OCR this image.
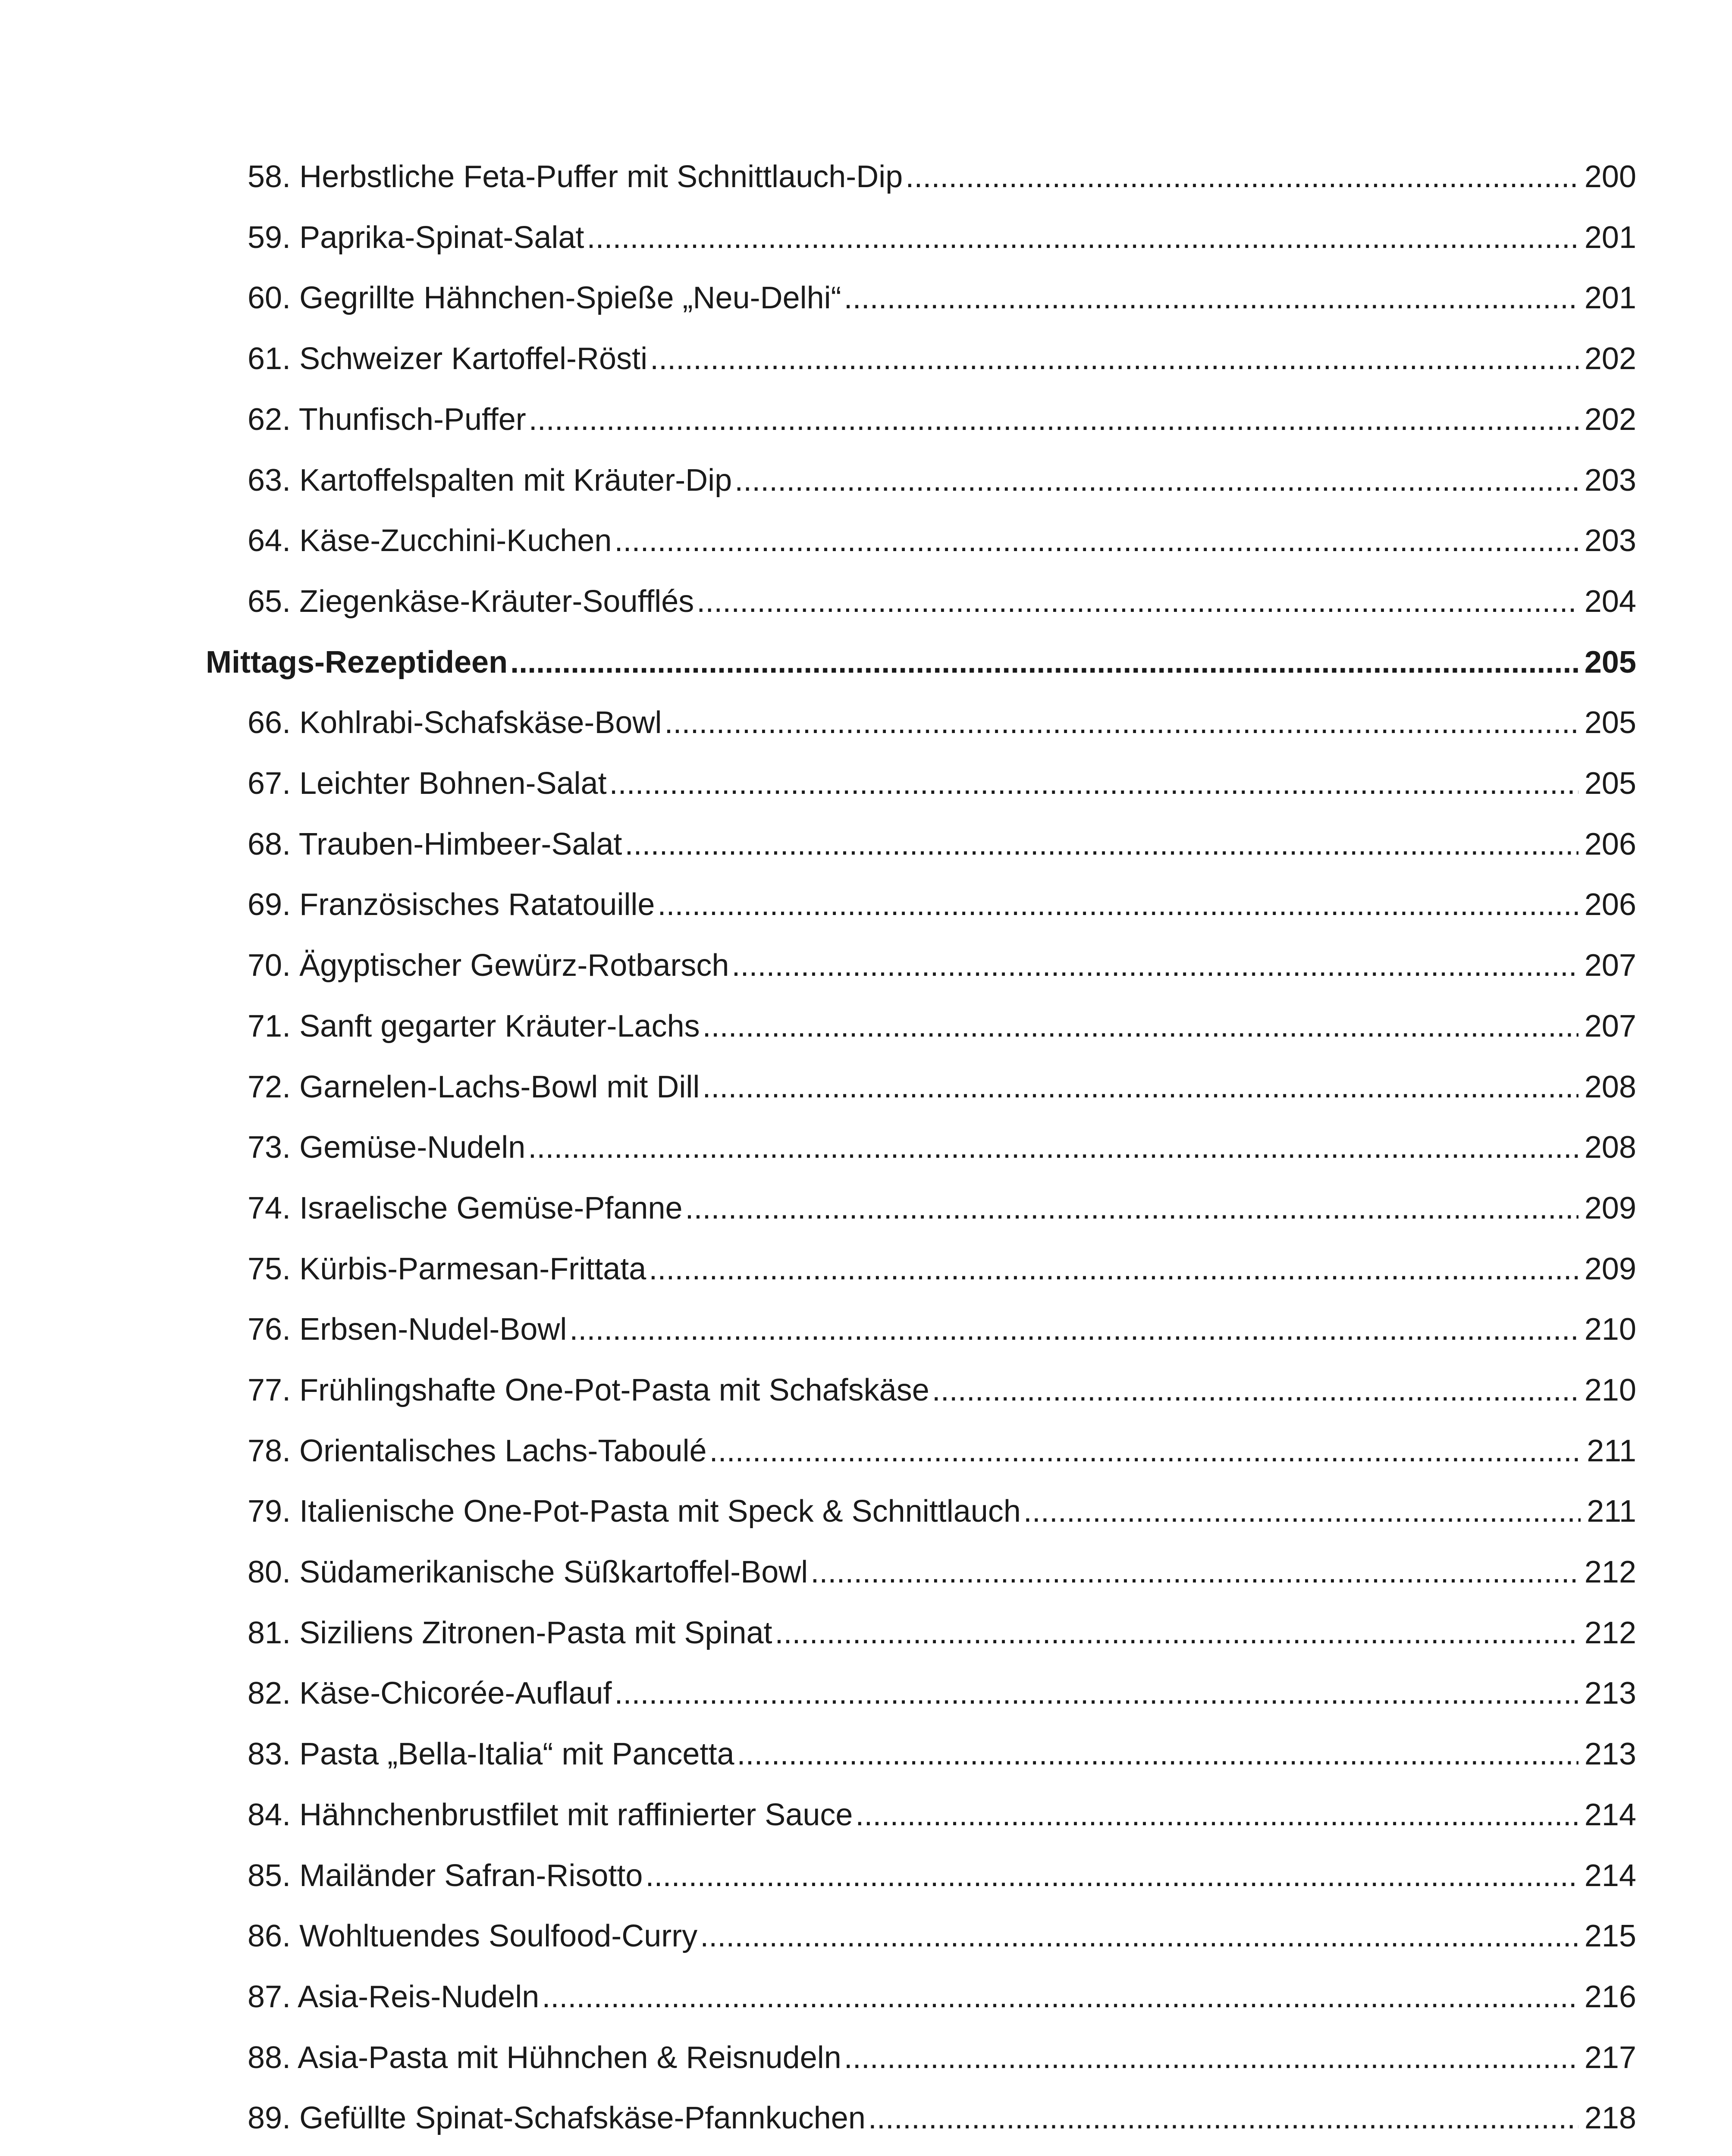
58. Herbstliche Feta-Puffer mit Schnittlauch-Dip .....	200
59. Paprika-Spinat-Salat .....	201
60. Gegrillte Hähnchen-Spieße „Neu-Delhi“ .....	201
61. Schweizer Kartoffel-Rösti .....	202
62. Thunfisch-Puffer .....	202
63. Kartoffelspalten mit Kräuter-Dip .....	203
64. Käse-Zucchini-Kuchen .....	203
65. Ziegenkäse-Kräuter-Soufflés .....	204
Mittags-Rezeptideen .....	205
66. Kohlrabi-Schafskäse-Bowl .....	205
67. Leichter Bohnen-Salat .....	205
68. Trauben-Himbeer-Salat .....	206
69. Französisches Ratatouille .....	206
70. Ägyptischer Gewürz-Rotbarsch .....	207
71. Sanft gegarter Kräuter-Lachs .....	207
72. Garnelen-Lachs-Bowl mit Dill .....	208
73. Gemüse-Nudeln .....	208
74. Israelische Gemüse-Pfanne .....	209
75. Kürbis-Parmesan-Frittata .....	209
76. Erbsen-Nudel-Bowl .....	210
77. Frühlingshafte One-Pot-Pasta mit Schafskäse .....	210
78. Orientalisches Lachs-Taboulé .....	211
79. Italienische One-Pot-Pasta mit Speck & Schnittlauch .....	211
80. Südamerikanische Süßkartoffel-Bowl .....	212
81. Siziliens Zitronen-Pasta mit Spinat .....	212
82. Käse-Chicorée-Auflauf .....	213
83. Pasta „Bella-Italia“ mit Pancetta .....	213
84. Hähnchenbrustfilet mit raffinierter Sauce .....	214
85. Mailänder Safran-Risotto .....	214
86. Wohltuendes Soulfood-Curry .....	215
87. Asia-Reis-Nudeln .....	216
88. Asia-Pasta mit Hühnchen & Reisnudeln .....	217
89. Gefüllte Spinat-Schafskäse-Pfannkuchen .....	218
.....
